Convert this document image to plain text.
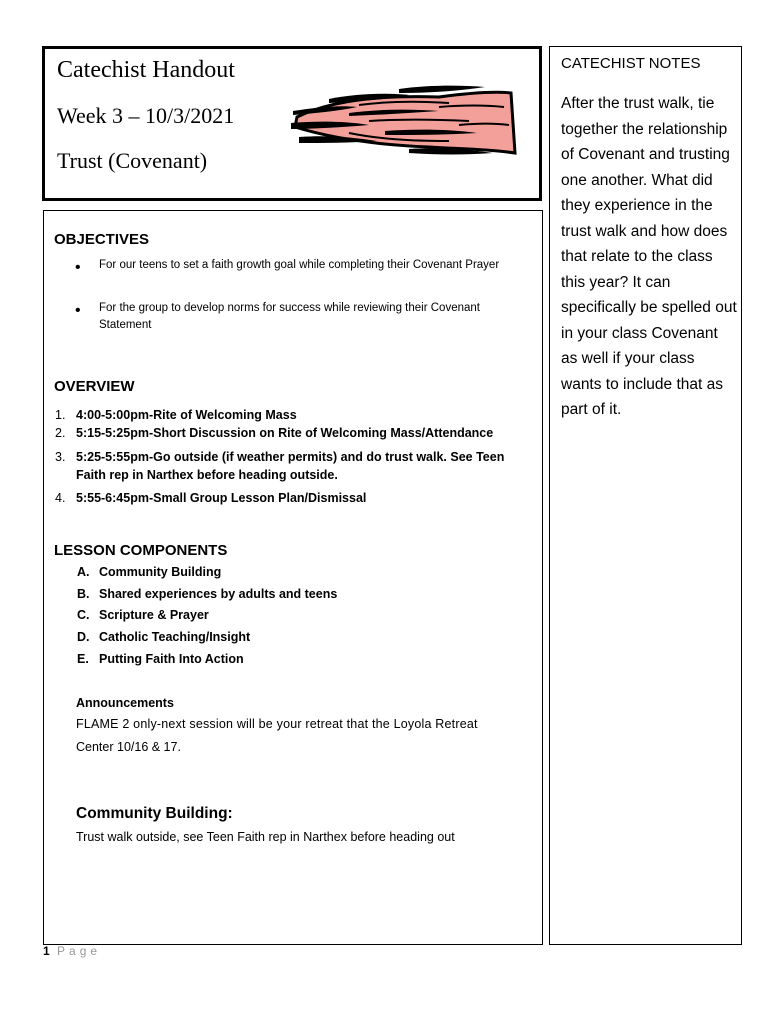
Catechist Handout
Week 3 – 10/3/2021
Trust (Covenant)
OBJECTIVES
• For our teens to set a faith growth goal while completing their Covenant Prayer
• For the group to develop norms for success while reviewing their Covenant Statement
OVERVIEW
1. 4:00-5:00pm-Rite of Welcoming Mass
2. 5:15-5:25pm-Short Discussion on Rite of Welcoming Mass/Attendance
3. 5:25-5:55pm-Go outside (if weather permits) and do trust walk. See Teen Faith rep in Narthex before heading outside.
4. 5:55-6:45pm-Small Group Lesson Plan/Dismissal
LESSON COMPONENTS
A. Community Building
B. Shared experiences by adults and teens
C. Scripture & Prayer
D. Catholic Teaching/Insight
E. Putting Faith Into Action
Announcements
FLAME 2 only-next session will be your retreat that the Loyola Retreat
Center 10/16 & 17.
Community Building:
Trust walk outside, see Teen Faith rep in Narthex before heading out
CATECHIST NOTES
After the trust walk, tie together the relationship of Covenant and trusting one another. What did they experience in the trust walk and how does that relate to the class this year? It can specifically be spelled out in your class Covenant as well if your class wants to include that as part of it.
1 Page
